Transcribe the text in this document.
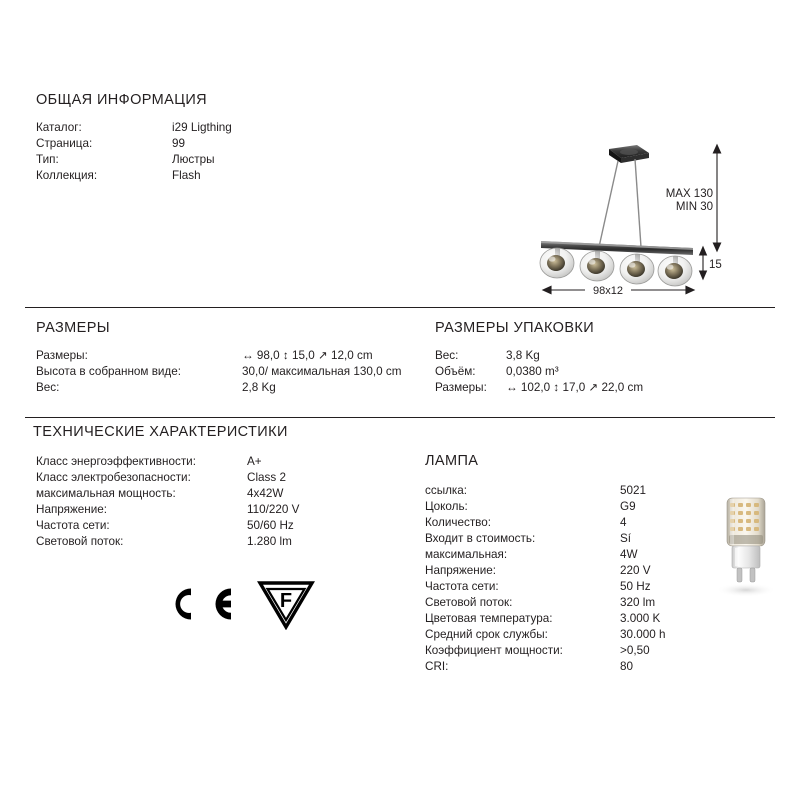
ОБЩАЯ ИНФОРМАЦИЯ
Каталог:	i29 Ligthing
Страница:	99
Тип:	Люстры
Коллекция:	Flash
MAX 130
MIN 30
15
98x12
РАЗМЕРЫ
Размеры:	↔ 98,0 ↕ 15,0 ↗ 12,0 cm
Высота в собранном виде:	30,0/ максимальная 130,0 cm
Вес:	2,8 Kg
РАЗМЕРЫ УПАКОВКИ
Вес:	3,8 Kg
Объём:	0,0380 m³
Размеры:	↔ 102,0 ↕ 17,0 ↗ 22,0 cm
ТЕХНИЧЕСКИЕ ХАРАКТЕРИСТИКИ
Класс энергоэффективности:	A+
Класс электробезопасности:	Class 2
максимальная мощность:	4x42W
Напряжение:	110/220 V
Частота сети:	50/60 Hz
Световой поток:	1.280 lm
ЛАМПА
ссылка:	5021
Цоколь:	G9
Количество:	4
Входит в стоимость:	Sí
максимальная:	4W
Напряжение:	220 V
Частота сети:	50 Hz
Световой поток:	320 lm
Цветовая температура:	3.000 K
Средний срок службы:	30.000 h
Коэффициент мощности:	>0,50
CRI:	80
F
